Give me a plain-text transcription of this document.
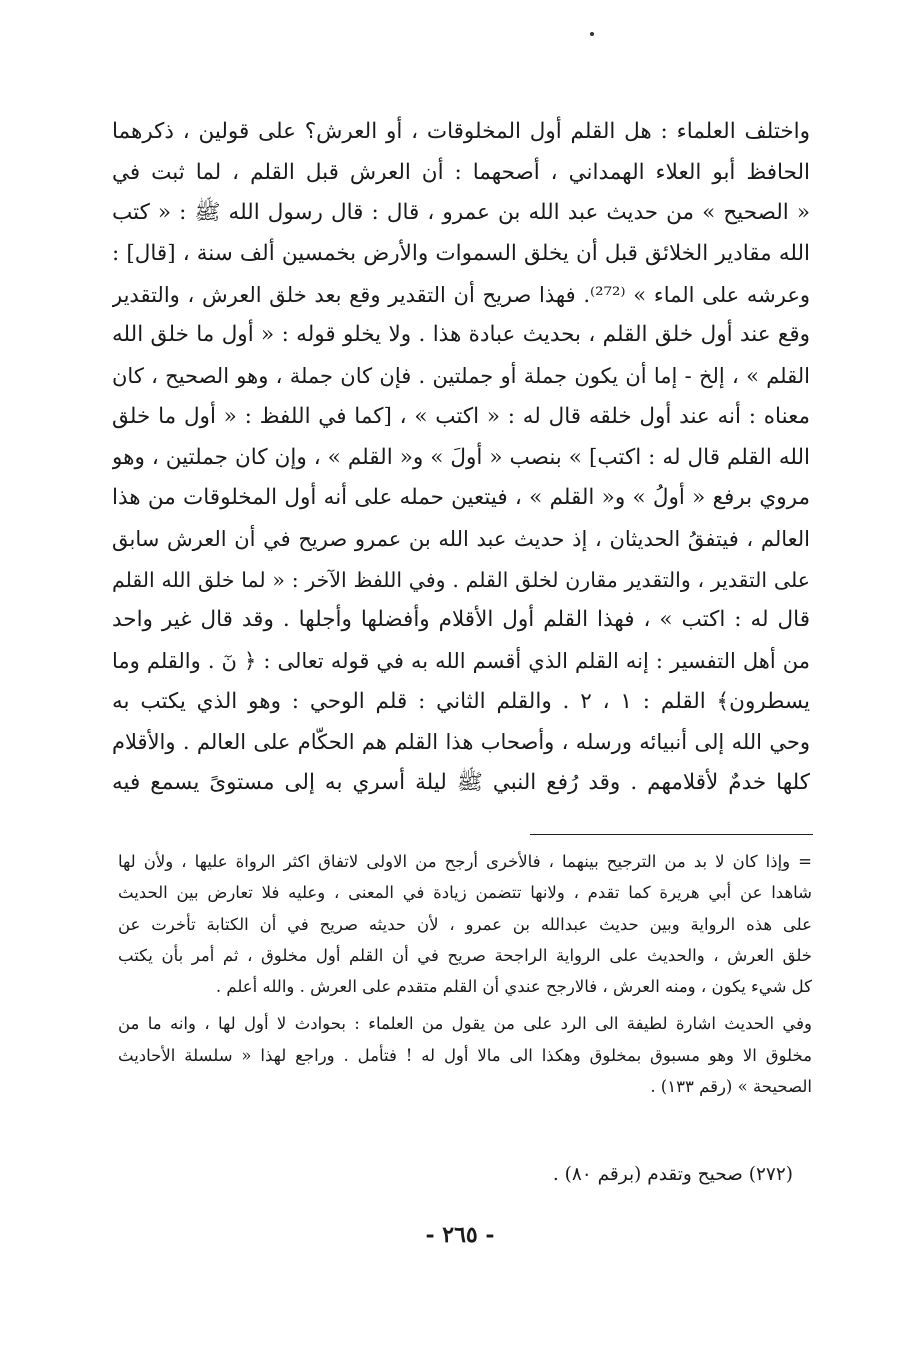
واختلف العلماء : هل القلم أول المخلوقات ، أو العرش؟ على قولين ، ذكرهما
الحافظ أبو العلاء الهمداني ، أصحهما : أن العرش قبل القلم ، لما ثبت في
« الصحيح » من حديث عبد الله بن عمرو ، قال : قال رسول الله ﷺ : « كتب
الله مقادير الخلائق قبل أن يخلق السموات والأرض بخمسين ألف سنة ، [قال] :
وعرشه على الماء » ⁽²⁷²⁾. فهذا صريح أن التقدير وقع بعد خلق العرش ، والتقدير
وقع عند أول خلق القلم ، بحديث عبادة هذا . ولا يخلو قوله : « أول ما خلق الله
القلم » ، إلخ - إما أن يكون جملة أو جملتين . فإن كان جملة ، وهو الصحيح ، كان
معناه : أنه عند أول خلقه قال له : « اكتب » ، [كما في اللفظ : « أول ما خلق
الله القلم قال له : اكتب] » بنصب « أولَ » و« القلم » ، وإن كان جملتين ، وهو
مروي برفع « أولُ » و« القلم » ، فيتعين حمله على أنه أول المخلوقات من هذا
العالم ، فيتفقُ الحديثان ، إذ حديث عبد الله بن عمرو صريح في أن العرش سابق
على التقدير ، والتقدير مقارن لخلق القلم . وفي اللفظ الآخر : « لما خلق الله القلم
قال له : اكتب » ، فهذا القلم أول الأقلام وأفضلها وأجلها . وقد قال غير واحد
من أهل التفسير : إنه القلم الذي أقسم الله به في قوله تعالى : ﴿ نٓ . والقلم وما
يسطرون﴾ القلم : ١ ، ٢ . والقلم الثاني : قلم الوحي : وهو الذي يكتب به
وحي الله إلى أنبيائه ورسله ، وأصحاب هذا القلم هم الحكّام على العالم . والأقلام
كلها خدمٌ لأقلامهم . وقد رُفع النبي ﷺ ليلة أسري به إلى مستوىً يسمع فيه
= وإذا كان لا بد من الترجيح بينهما ، فالأخرى أرجح من الاولى لاتفاق اكثر الرواة عليها ، ولأن لها
شاهدا عن أبي هريرة كما تقدم ، ولانها تتضمن زيادة في المعنى ، وعليه فلا تعارض بين الحديث
على هذه الرواية وبين حديث عبدالله بن عمرو ، لأن حديثه صريح في أن الكتابة تأخرت عن
خلق العرش ، والحديث على الرواية الراجحة صريح في أن القلم أول مخلوق ، ثم أمر بأن يكتب
كل شيء يكون ، ومنه العرش ، فالارجح عندي أن القلم متقدم على العرش . والله أعلم .
وفي الحديث اشارة لطيفة الى الرد على من يقول من العلماء : بحوادث لا أول لها ، وانه ما من
مخلوق الا وهو مسبوق بمخلوق وهكذا الى مالا أول له ! فتأمل . وراجع لهذا « سلسلة الأحاديث
الصحيحة » (رقم ١٣٣) .
(٢٧٢) صحيح وتقدم (برقم ٨٠) .
- ٢٦٥ -
